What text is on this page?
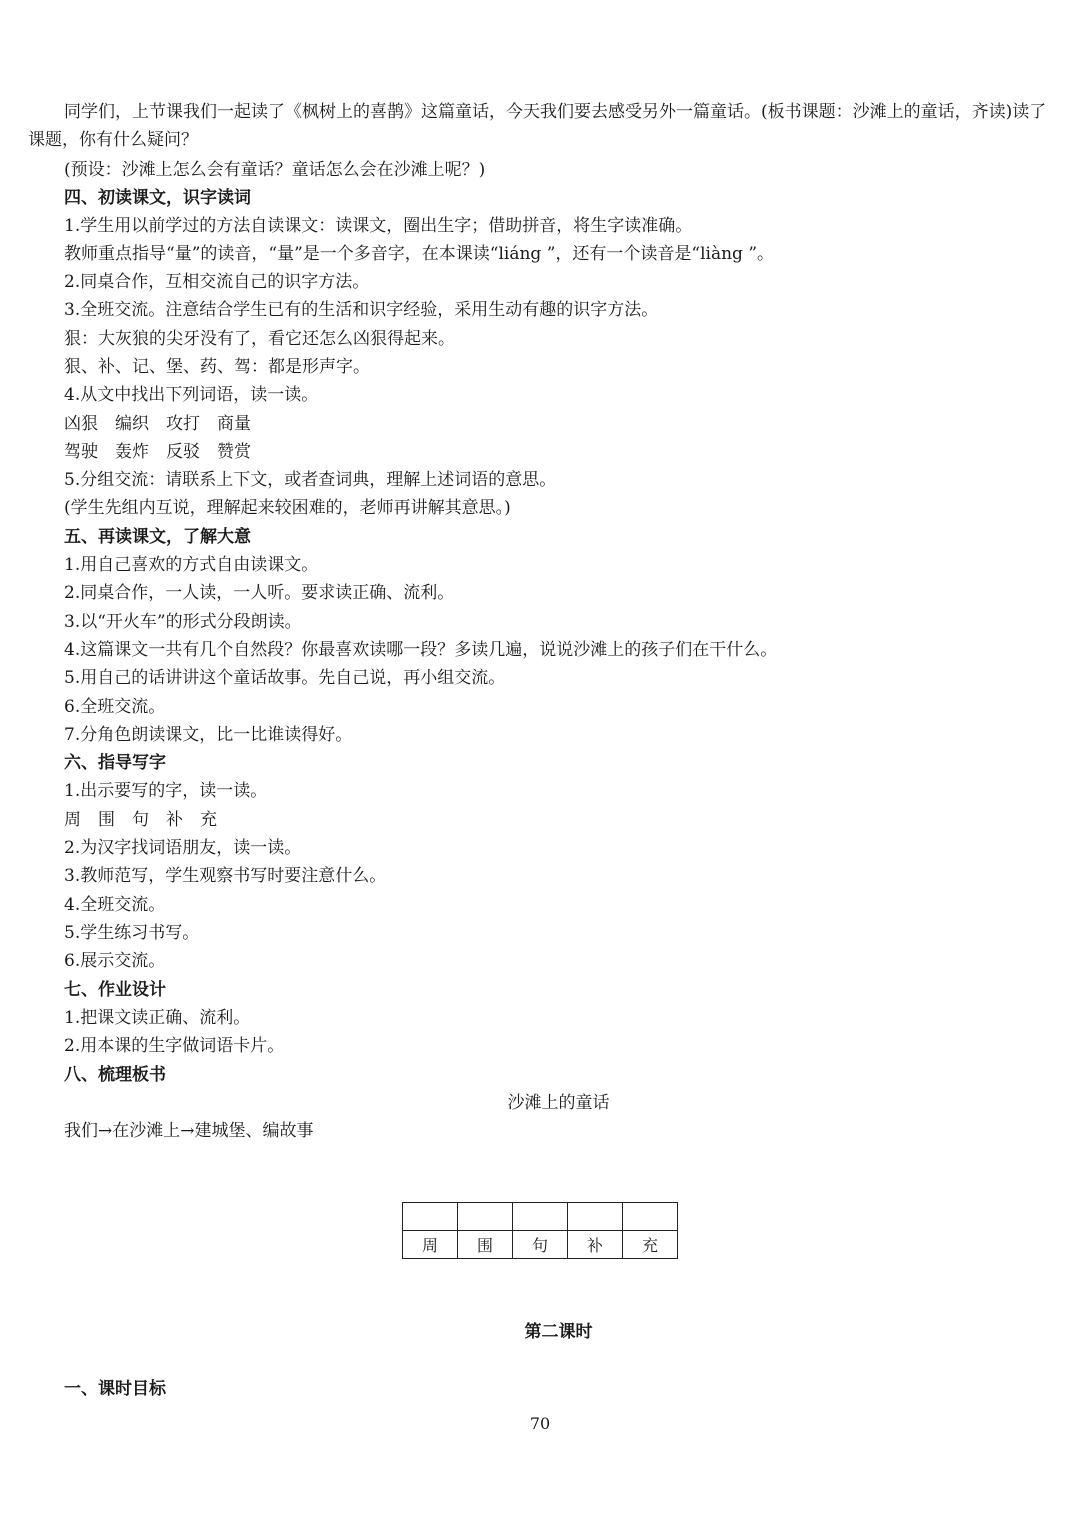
同学们，上节课我们一起读了《枫树上的喜鹊》这篇童话，今天我们要去感受另外一篇童话。(板书课题：沙滩上的童话，齐读)读了课题，你有什么疑问？
(预设：沙滩上怎么会有童话？童话怎么会在沙滩上呢？)
四、初读课文，识字读词
1.学生用以前学过的方法自读课文：读课文，圈出生字；借助拼音，将生字读准确。
教师重点指导“量”的读音，“量”是一个多音字，在本课读“liáng ”，还有一个读音是“liàng ”。
2.同桌合作，互相交流自己的识字方法。
3.全班交流。注意结合学生已有的生活和识字经验，采用生动有趣的识字方法。
狠：大灰狼的尖牙没有了，看它还怎么凶狠得起来。
狠、补、记、堡、药、驾：都是形声字。
4.从文中找出下列词语，读一读。
凶狠　编织　攻打　商量
驾驶　轰炸　反驳　赞赏
5.分组交流：请联系上下文，或者查词典，理解上述词语的意思。
(学生先组内互说，理解起来较困难的，老师再讲解其意思。)
五、再读课文，了解大意
1.用自己喜欢的方式自由读课文。
2.同桌合作，一人读，一人听。要求读正确、流利。
3.以“开火车”的形式分段朗读。
4.这篇课文一共有几个自然段？你最喜欢读哪一段？多读几遍，说说沙滩上的孩子们在干什么。
5.用自己的话讲讲这个童话故事。先自己说，再小组交流。
6.全班交流。
7.分角色朗读课文，比一比谁读得好。
六、指导写字
1.出示要写的字，读一读。
周　围　句　补　充
2.为汉字找词语朋友，读一读。
3.教师范写，学生观察书写时要注意什么。
4.全班交流。
5.学生练习书写。
6.展示交流。
七、作业设计
1.把课文读正确、流利。
2.用本课的生字做词语卡片。
八、梳理板书
沙滩上的童话
我们→在沙滩上→建城堡、编故事

周	围	句	补	充
第二课时
一、课时目标
70
